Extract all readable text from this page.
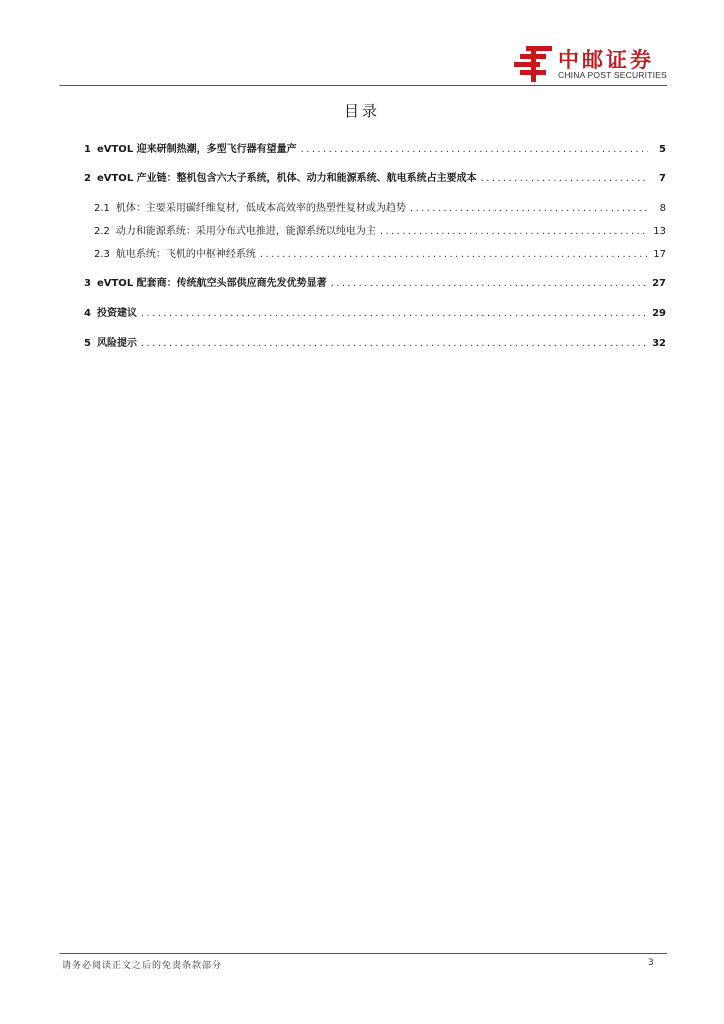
中邮证券
CHINA POST SECURITIES
目录
1 eVTOL 迎来研制热潮，多型飞行器有望量产 .....	5
2 eVTOL 产业链：整机包含六大子系统，机体、动力和能源系统、航电系统占主要成本 .....	7
2.1 机体：主要采用碳纤维复材，低成本高效率的热塑性复材或为趋势 .....	8
2.2 动力和能源系统：采用分布式电推进，能源系统以纯电为主 .....	13
2.3 航电系统：飞机的中枢神经系统 .....	17
3 eVTOL 配套商：传统航空头部供应商先发优势显著 .....	27
4 投资建议 .....	29
5 风险提示 .....	32
请务必阅读正文之后的免责条款部分	3
